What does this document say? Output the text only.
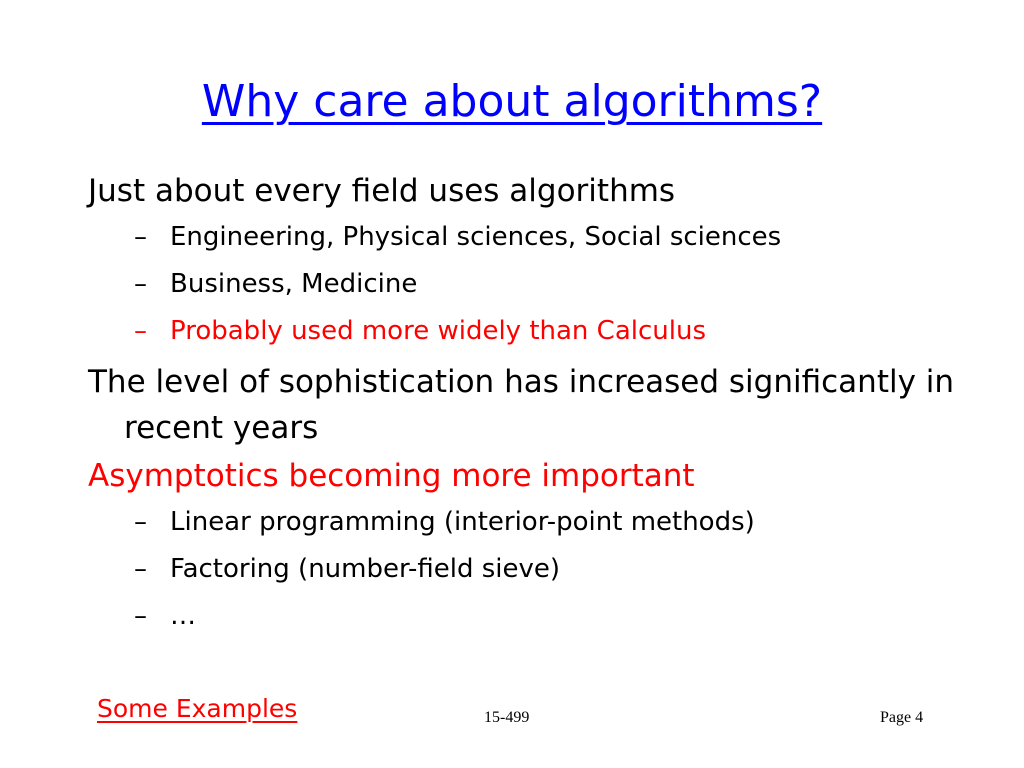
Why care about algorithms?

Just about every field uses algorithms

– Engineering, Physical sciences, Social sciences

– Business, Medicine

– Probably used more widely than Calculus

The level of sophistication has increased significantly in recent years

Asymptotics becoming more important

– Linear programming (interior-point methods)

– Factoring (number-field sieve)

– …

Some Examples	15-499	Page 4
